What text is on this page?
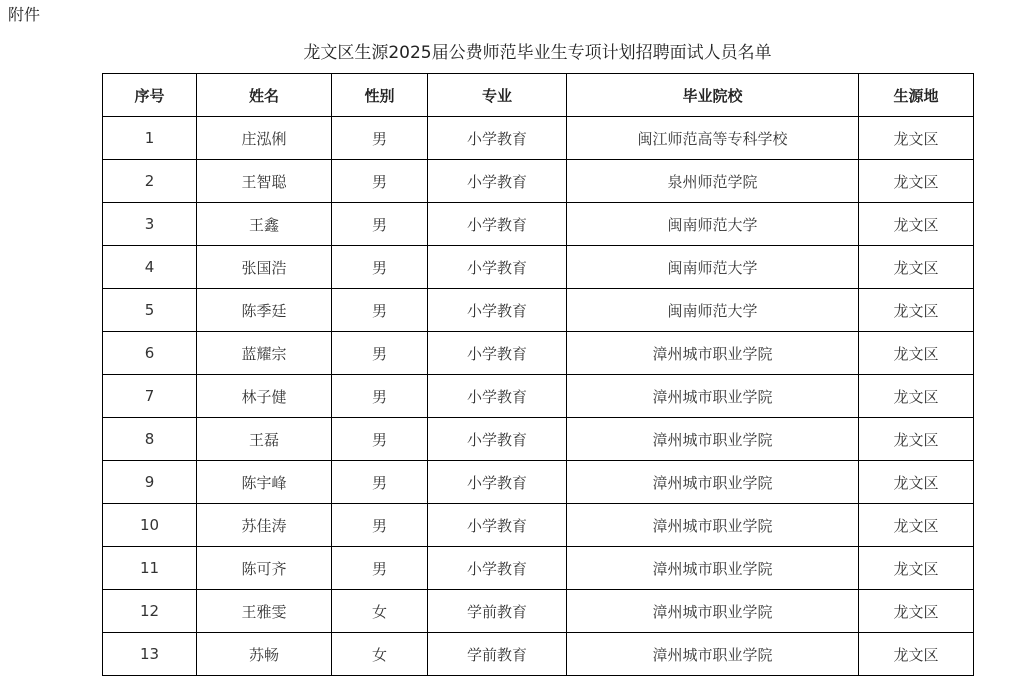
附件
龙文区生源2025届公费师范毕业生专项计划招聘面试人员名单
序号	姓名	性别	专业	毕业院校	生源地
1	庄泓俐	男	小学教育	闽江师范高等专科学校	龙文区
2	王智聪	男	小学教育	泉州师范学院	龙文区
3	王鑫	男	小学教育	闽南师范大学	龙文区
4	张国浩	男	小学教育	闽南师范大学	龙文区
5	陈季廷	男	小学教育	闽南师范大学	龙文区
6	蓝耀宗	男	小学教育	漳州城市职业学院	龙文区
7	林子健	男	小学教育	漳州城市职业学院	龙文区
8	王磊	男	小学教育	漳州城市职业学院	龙文区
9	陈宇峰	男	小学教育	漳州城市职业学院	龙文区
10	苏佳涛	男	小学教育	漳州城市职业学院	龙文区
11	陈可齐	男	小学教育	漳州城市职业学院	龙文区
12	王雅雯	女	学前教育	漳州城市职业学院	龙文区
13	苏畅	女	学前教育	漳州城市职业学院	龙文区
